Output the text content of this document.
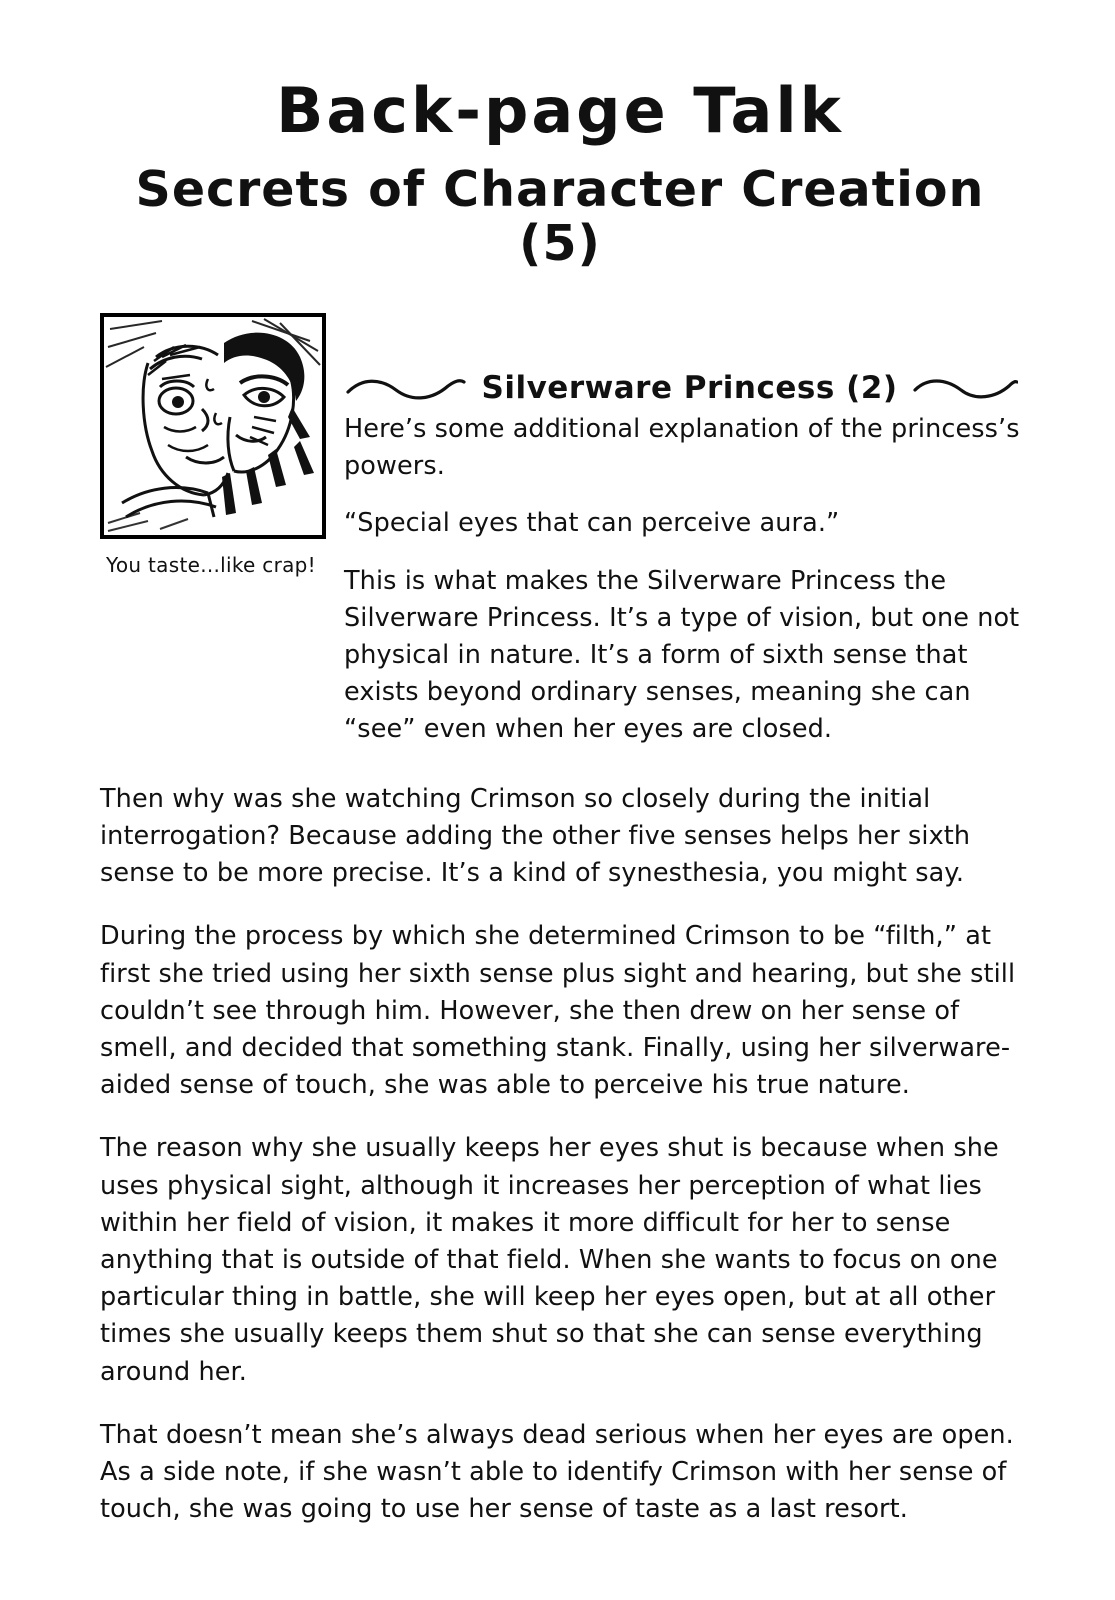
Back-page Talk
Secrets of Character Creation (5)
You taste...like crap!
Silverware Princess (2)

Here’s some additional explanation of the princess’s powers.

“Special eyes that can perceive aura.”

This is what makes the Silverware Princess the Silverware Princess. It’s a type of vision, but one not physical in nature. It’s a form of sixth sense that exists beyond ordinary senses, meaning she can “see” even when her eyes are closed.

Then why was she watching Crimson so closely during the initial interrogation? Because adding the other five senses helps her sixth sense to be more precise. It’s a kind of synesthesia, you might say.

During the process by which she determined Crimson to be “filth,” at first she tried using her sixth sense plus sight and hearing, but she still couldn’t see through him. However, she then drew on her sense of smell, and decided that something stank. Finally, using her silverware-aided sense of touch, she was able to perceive his true nature.

The reason why she usually keeps her eyes shut is because when she uses physical sight, although it increases her perception of what lies within her field of vision, it makes it more difficult for her to sense anything that is outside of that field. When she wants to focus on one particular thing in battle, she will keep her eyes open, but at all other times she usually keeps them shut so that she can sense everything around her.

That doesn’t mean she’s always dead serious when her eyes are open. As a side note, if she wasn’t able to identify Crimson with her sense of touch, she was going to use her sense of taste as a last resort.
